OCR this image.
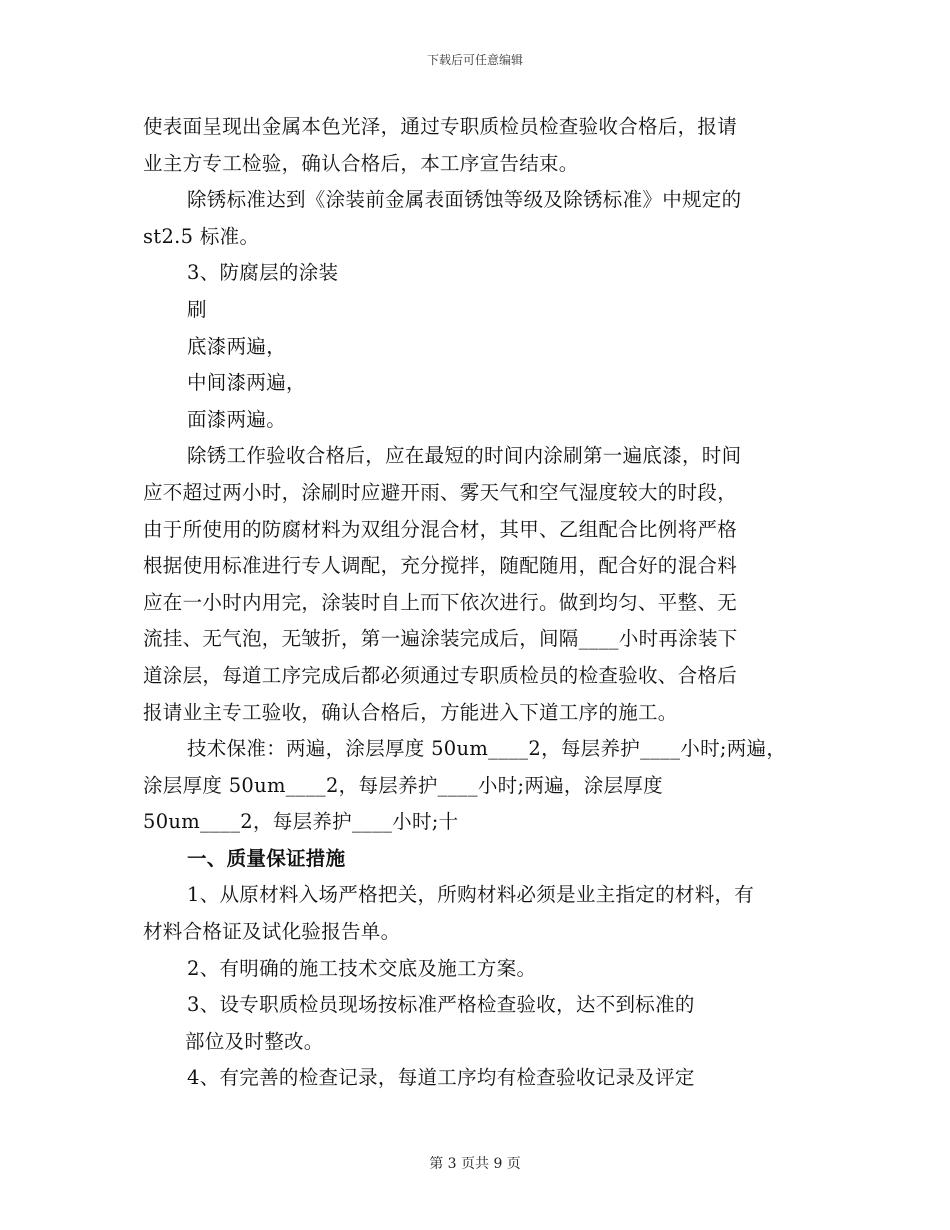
下载后可任意编辑
使表面呈现出金属本色光泽，通过专职质检员检查验收合格后，报请
业主方专工检验，确认合格后，本工序宣告结束。
除锈标准达到《涂装前金属表面锈蚀等级及除锈标准》中规定的
st2.5 标准。
3、防腐层的涂装
刷
底漆两遍，
中间漆两遍，
面漆两遍。
除锈工作验收合格后，应在最短的时间内涂刷第一遍底漆，时间
应不超过两小时，涂刷时应避开雨、雾天气和空气湿度较大的时段，
由于所使用的防腐材料为双组分混合材，其甲、乙组配合比例将严格
根据使用标准进行专人调配，充分搅拌，随配随用，配合好的混合料
应在一小时内用完，涂装时自上而下依次进行。做到均匀、平整、无
流挂、无气泡，无皱折，第一遍涂装完成后，间隔____小时再涂装下
道涂层，每道工序完成后都必须通过专职质检员的检查验收、合格后
报请业主专工验收，确认合格后，方能进入下道工序的施工。
技术保准：两遍，涂层厚度 50um____2，每层养护____小时;两遍，
涂层厚度 50um____2，每层养护____小时;两遍，涂层厚度
50um____2，每层养护____小时;十
一、质量保证措施
1、从原材料入场严格把关，所购材料必须是业主指定的材料，有
材料合格证及试化验报告单。
2、有明确的施工技术交底及施工方案。
3、设专职质检员现场按标准严格检查验收，达不到标准的
部位及时整改。
4、有完善的检查记录，每道工序均有检查验收记录及评定
第 3 页共 9 页
